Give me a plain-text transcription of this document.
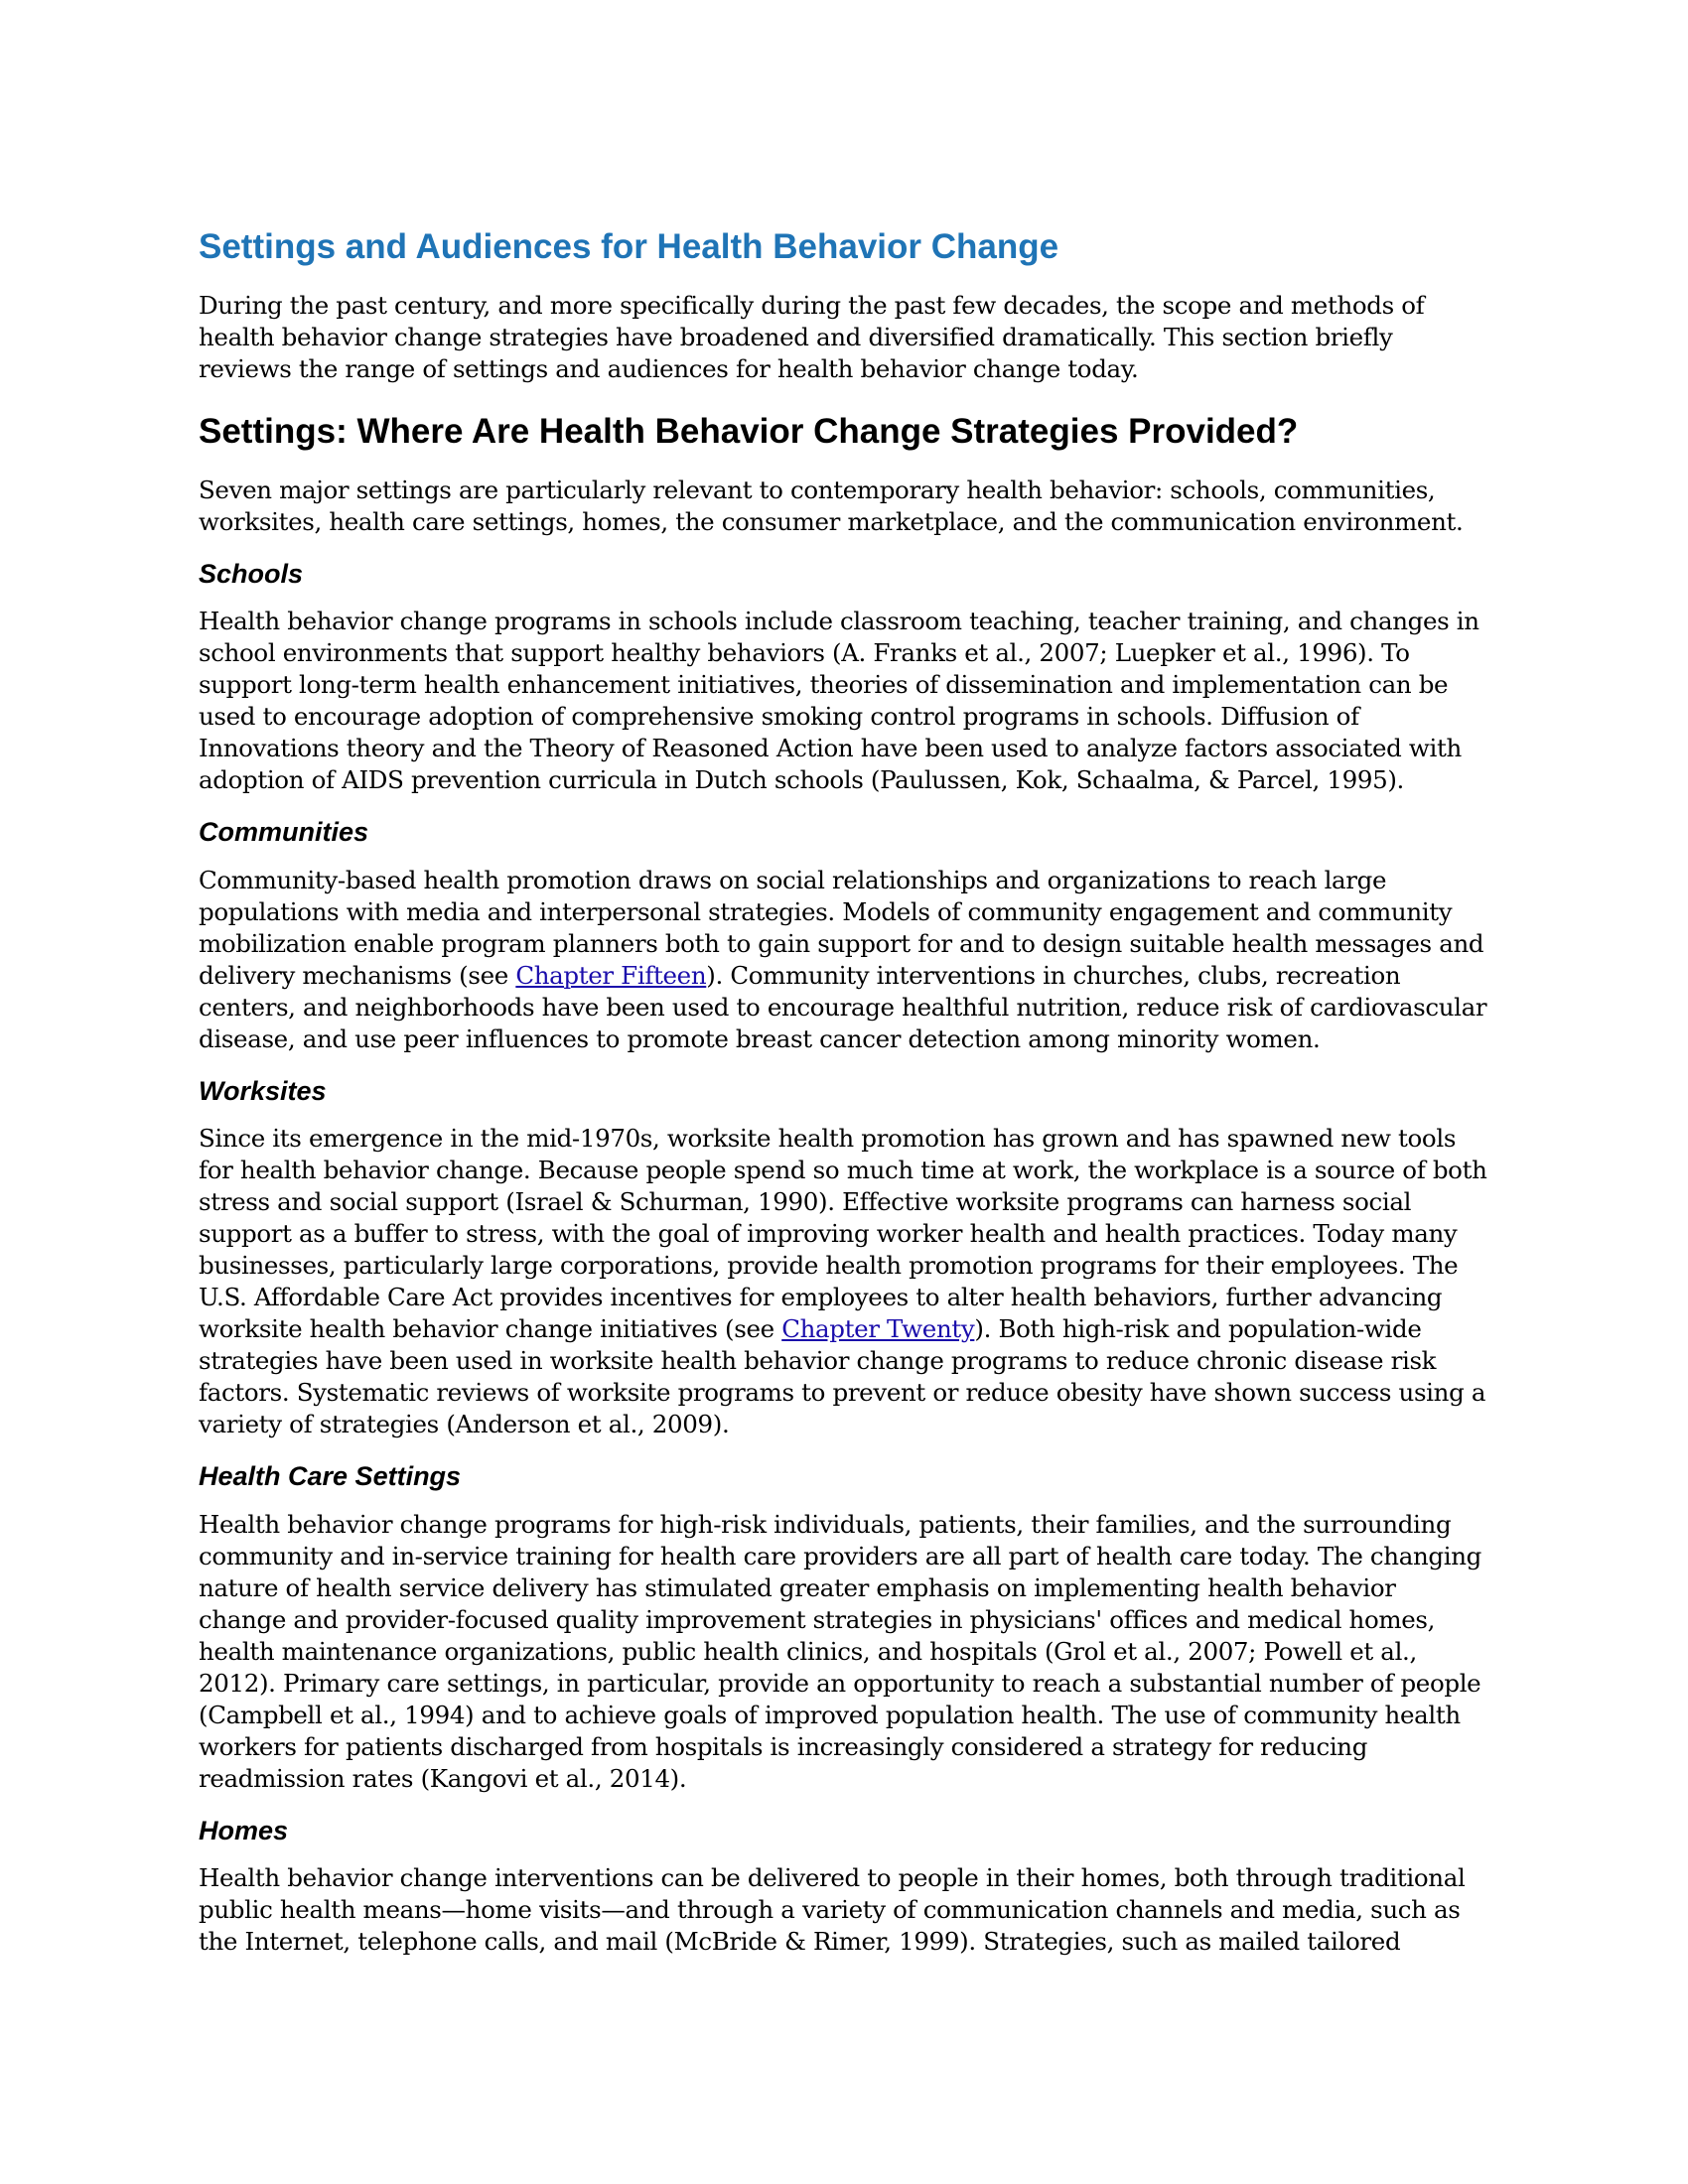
Settings and Audiences for Health Behavior Change

During the past century, and more specifically during the past few decades, the scope and methods of health behavior change strategies have broadened and diversified dramatically. This section briefly reviews the range of settings and audiences for health behavior change today.

Settings: Where Are Health Behavior Change Strategies Provided?

Seven major settings are particularly relevant to contemporary health behavior: schools, communities, worksites, health care settings, homes, the consumer marketplace, and the communication environment.

Schools

Health behavior change programs in schools include classroom teaching, teacher training, and changes in school environments that support healthy behaviors (A. Franks et al., 2007; Luepker et al., 1996). To support long-term health enhancement initiatives, theories of dissemination and implementation can be used to encourage adoption of comprehensive smoking control programs in schools. Diffusion of Innovations theory and the Theory of Reasoned Action have been used to analyze factors associated with adoption of AIDS prevention curricula in Dutch schools (Paulussen, Kok, Schaalma, & Parcel, 1995).

Communities

Community-based health promotion draws on social relationships and organizations to reach large populations with media and interpersonal strategies. Models of community engagement and community mobilization enable program planners both to gain support for and to design suitable health messages and delivery mechanisms (see Chapter Fifteen). Community interventions in churches, clubs, recreation centers, and neighborhoods have been used to encourage healthful nutrition, reduce risk of cardiovascular disease, and use peer influences to promote breast cancer detection among minority women.

Worksites

Since its emergence in the mid-1970s, worksite health promotion has grown and has spawned new tools for health behavior change. Because people spend so much time at work, the workplace is a source of both stress and social support (Israel & Schurman, 1990). Effective worksite programs can harness social support as a buffer to stress, with the goal of improving worker health and health practices. Today many businesses, particularly large corporations, provide health promotion programs for their employees. The U.S. Affordable Care Act provides incentives for employees to alter health behaviors, further advancing worksite health behavior change initiatives (see Chapter Twenty). Both high-risk and population-wide strategies have been used in worksite health behavior change programs to reduce chronic disease risk factors. Systematic reviews of worksite programs to prevent or reduce obesity have shown success using a variety of strategies (Anderson et al., 2009).

Health Care Settings

Health behavior change programs for high-risk individuals, patients, their families, and the surrounding community and in-service training for health care providers are all part of health care today. The changing nature of health service delivery has stimulated greater emphasis on implementing health behavior change and provider-focused quality improvement strategies in physicians' offices and medical homes, health maintenance organizations, public health clinics, and hospitals (Grol et al., 2007; Powell et al., 2012). Primary care settings, in particular, provide an opportunity to reach a substantial number of people (Campbell et al., 1994) and to achieve goals of improved population health. The use of community health workers for patients discharged from hospitals is increasingly considered a strategy for reducing readmission rates (Kangovi et al., 2014).

Homes

Health behavior change interventions can be delivered to people in their homes, both through traditional public health means—home visits—and through a variety of communication channels and media, such as the Internet, telephone calls, and mail (McBride & Rimer, 1999). Strategies, such as mailed tailored
